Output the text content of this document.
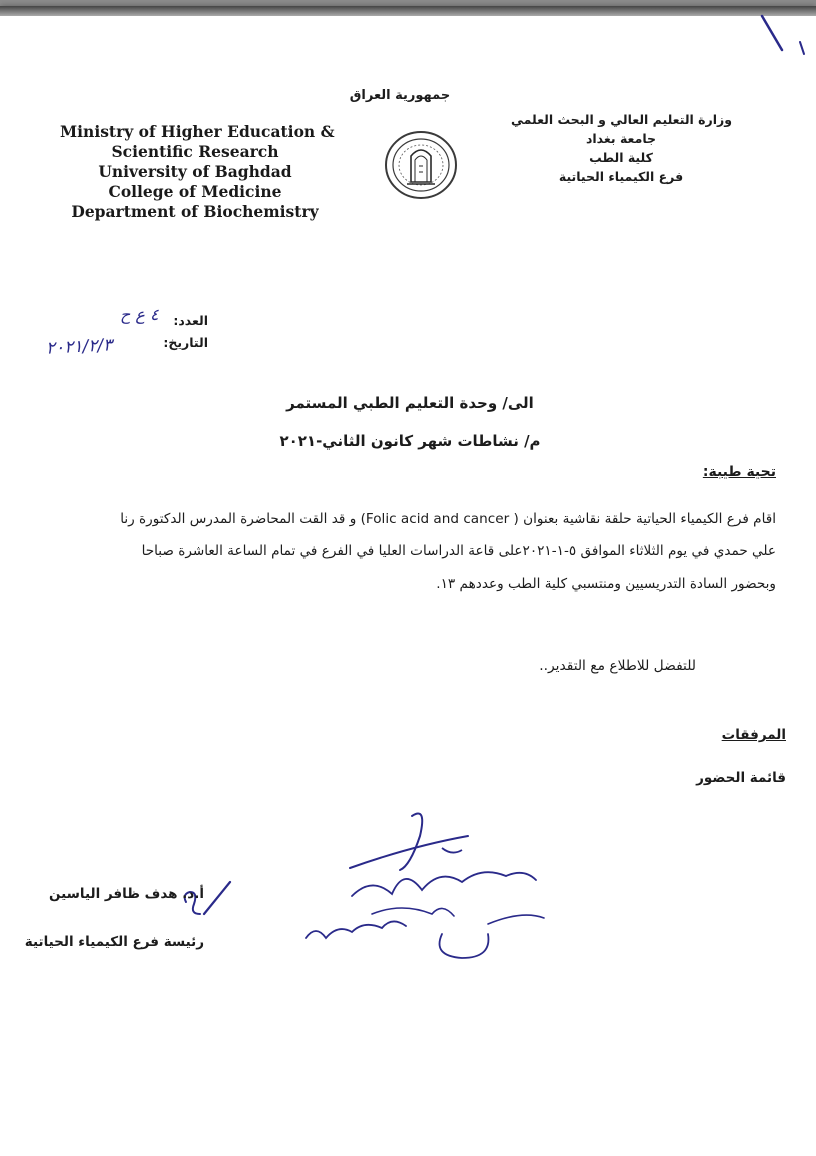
جمهورية العراق
Ministry of Higher Education &
Scientific Research
University of Baghdad
College of Medicine
Department of Biochemistry
وزارة التعليم العالي و البحث العلمي
جامعة بغداد
كلية الطب
فرع الكيمياء الحياتية
العدد:
التاريخ:
٤ ع ح
٢٠٢١/٢/٣
الى/ وحدة التعليم الطبي المستمر
م/ نشاطات شهر كانون الثاني-٢٠٢١
تحية طيبة:
اقام فرع الكيمياء الحياتية حلقة نقاشية بعنوان ( Folic acid and cancer) و قد القت المحاضرة المدرس الدكتورة رنا
علي حمدي في يوم الثلاثاء الموافق ٥-١-٢٠٢١على قاعة الدراسات العليا في الفرع في تمام الساعة العاشرة صباحا
وبحضور السادة التدريسيين ومنتسبي كلية الطب وعددهم ١٣.
للتفضل للاطلاع مع التقدير..
المرفقات
قائمة الحضور
أ.د. هدف ظافر الياسين
رئيسة فرع الكيمياء الحياتية
